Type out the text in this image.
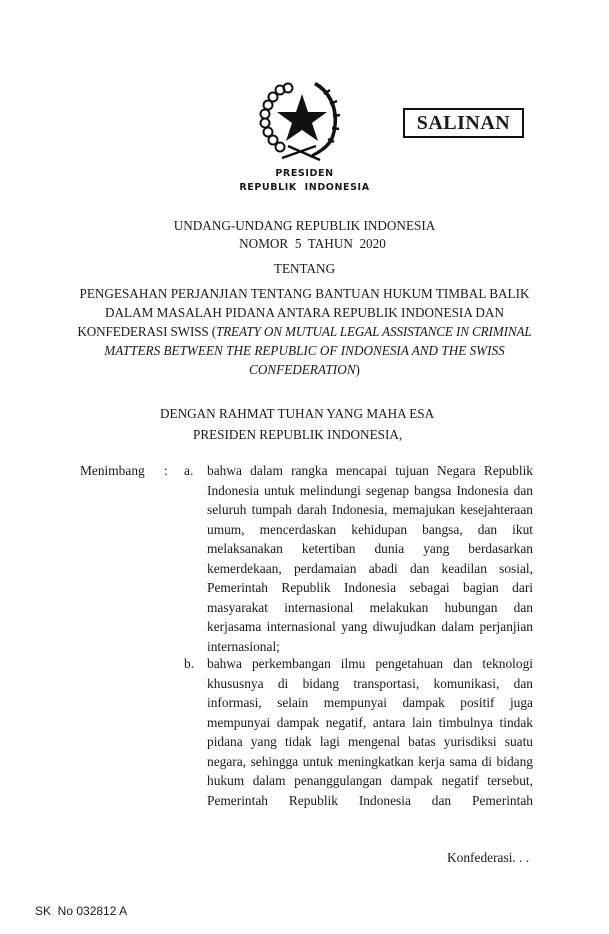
SALINAN
PRESIDEN
REPUBLIK  INDONESIA
UNDANG-UNDANG REPUBLIK INDONESIA
NOMOR  5  TAHUN  2020
TENTANG
PENGESAHAN PERJANJIAN TENTANG BANTUAN HUKUM TIMBAL BALIK
DALAM MASALAH PIDANA ANTARA REPUBLIK INDONESIA DAN
KONFEDERASI SWISS (TREATY ON MUTUAL LEGAL ASSISTANCE IN CRIMINAL
MATTERS BETWEEN THE REPUBLIC OF INDONESIA AND THE SWISS
CONFEDERATION)
DENGAN RAHMAT TUHAN YANG MAHA ESA
PRESIDEN REPUBLIK INDONESIA,
Menimbang : a. bahwa dalam rangka mencapai tujuan Negara Republik Indonesia untuk melindungi segenap bangsa Indonesia dan seluruh tumpah darah Indonesia, memajukan kesejahteraan umum, mencerdaskan kehidupan bangsa, dan ikut melaksanakan ketertiban dunia yang berdasarkan kemerdekaan, perdamaian abadi dan keadilan sosial, Pemerintah Republik Indonesia sebagai bagian dari masyarakat internasional melakukan hubungan dan kerjasama internasional yang diwujudkan dalam perjanjian internasional;
b. bahwa perkembangan ilmu pengetahuan dan teknologi khususnya di bidang transportasi, komunikasi, dan informasi, selain mempunyai dampak positif juga mempunyai dampak negatif, antara lain timbulnya tindak pidana yang tidak lagi mengenal batas yurisdiksi suatu negara, sehingga untuk meningkatkan kerja sama di bidang hukum dalam penanggulangan dampak negatif tersebut, Pemerintah Republik Indonesia dan Pemerintah
Konfederasi. . .
SK  No 032812 A
